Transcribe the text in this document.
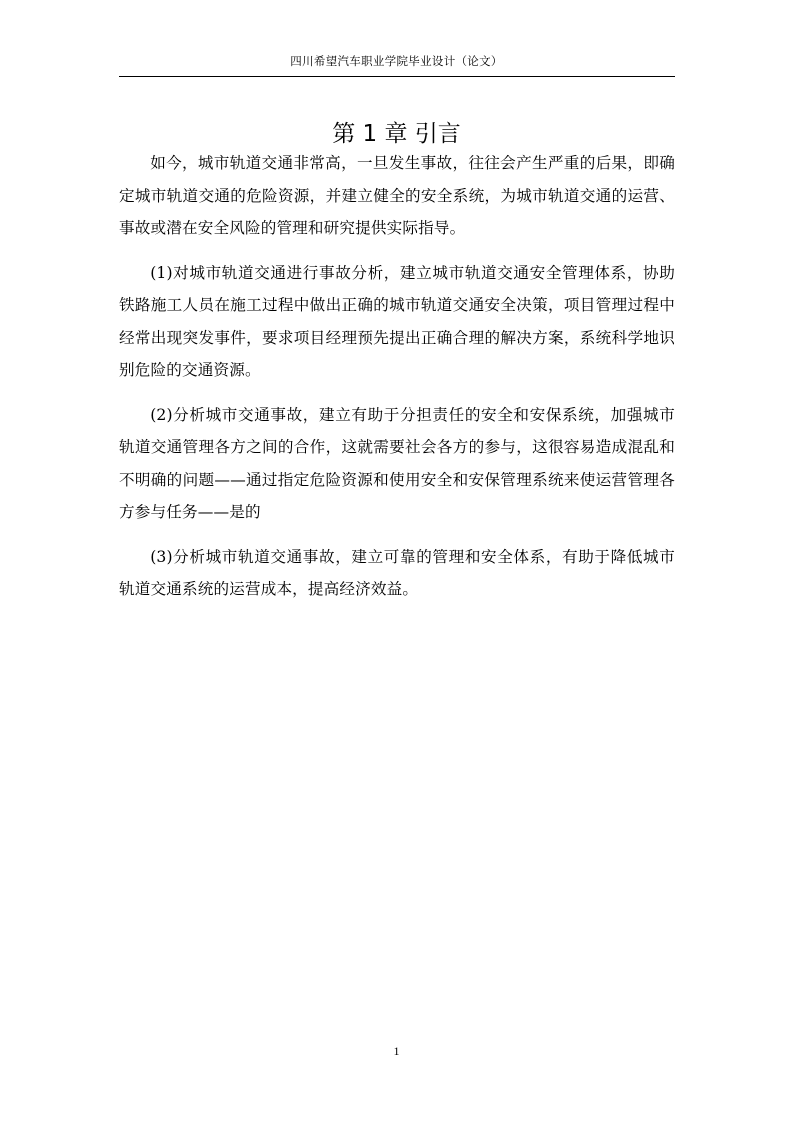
四川希望汽车职业学院毕业设计（论文）
第 1 章 引言

如今，城市轨道交通非常高，一旦发生事故，往往会产生严重的后果，即确定城市轨道交通的危险资源，并建立健全的安全系统，为城市轨道交通的运营、事故或潜在安全风险的管理和研究提供实际指导。

(1)对城市轨道交通进行事故分析，建立城市轨道交通安全管理体系，协助铁路施工人员在施工过程中做出正确的城市轨道交通安全决策，项目管理过程中经常出现突发事件，要求项目经理预先提出正确合理的解决方案，系统科学地识别危险的交通资源。

(2)分析城市交通事故，建立有助于分担责任的安全和安保系统，加强城市轨道交通管理各方之间的合作，这就需要社会各方的参与，这很容易造成混乱和不明确的问题——通过指定危险资源和使用安全和安保管理系统来使运营管理各方参与任务——是的

(3)分析城市轨道交通事故，建立可靠的管理和安全体系，有助于降低城市轨道交通系统的运营成本，提高经济效益。

1
